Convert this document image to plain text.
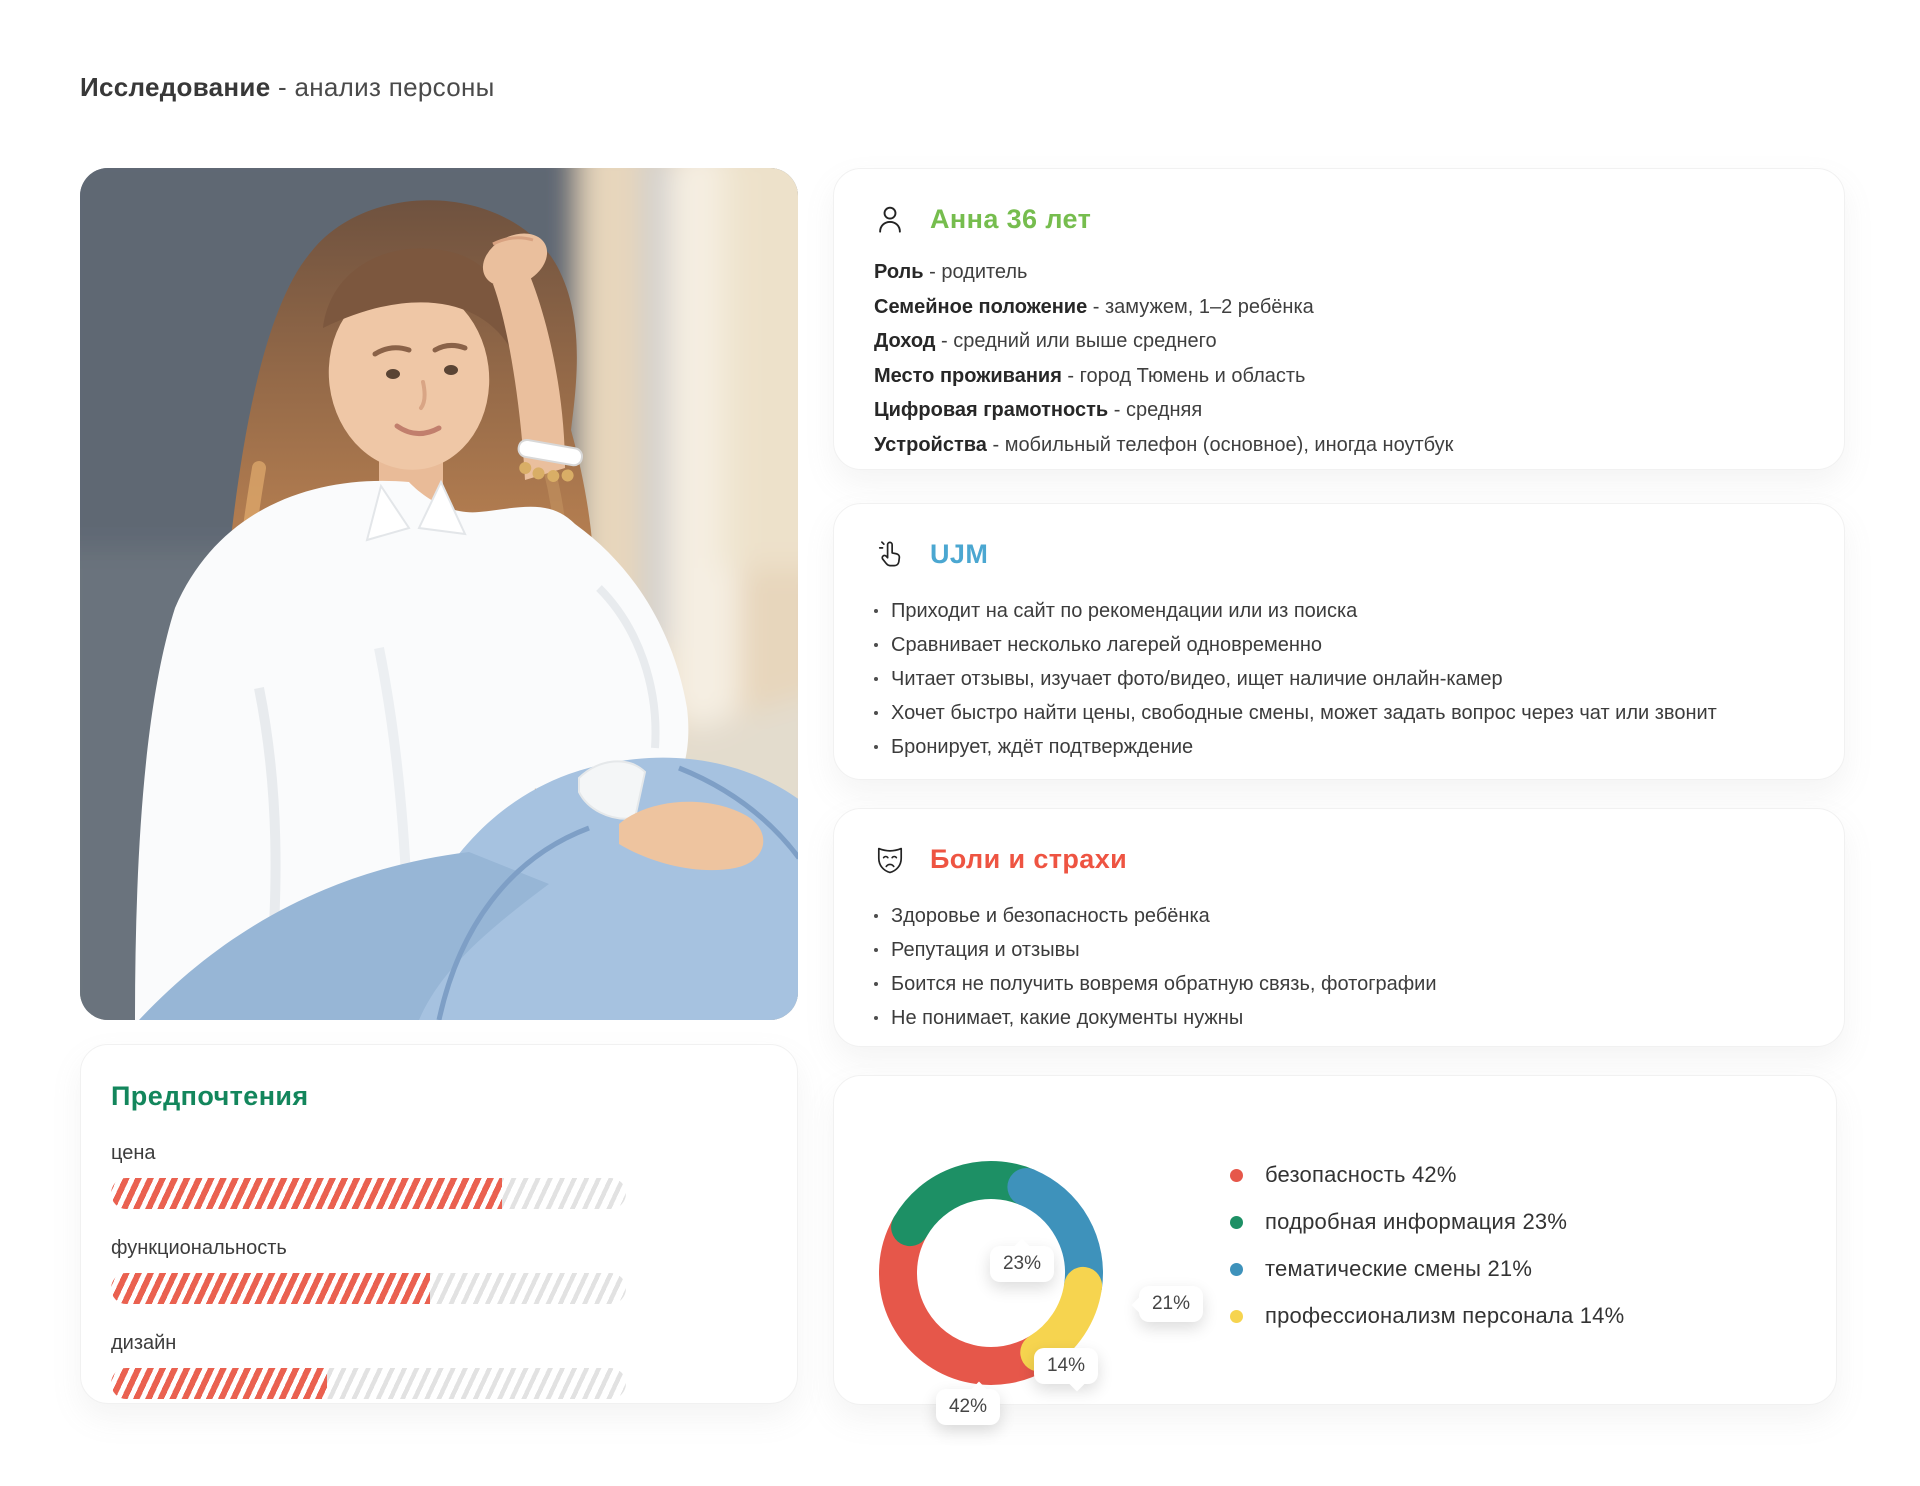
Исследование - анализ персоны
Анна 36 лет
Роль - родитель
Семейное положение - замужем, 1–2 ребёнка
Доход - средний или выше среднего
Место проживания - город Тюмень и область
Цифровая грамотность - средняя
Устройства - мобильный телефон (основное), иногда ноутбук
UJM
Приходит на сайт по рекомендации или из поиска
Сравнивает несколько лагерей одновременно
Читает отзывы, изучает фото/видео, ищет наличие онлайн-камер
Хочет быстро найти цены, свободные смены, может задать вопрос через чат или звонит
Бронирует, ждёт подтверждение
Боли и страхи
Здоровье и безопасность ребёнка
Репутация и отзывы
Боится не получить вовремя обратную связь, фотографии
Не понимает, какие документы нужны
Предпочтения
цена
функциональность
дизайн
23%
21%
14%
42%
безопасность 42%
подробная информация 23%
тематические смены 21%
профессионализм персонала 14%
